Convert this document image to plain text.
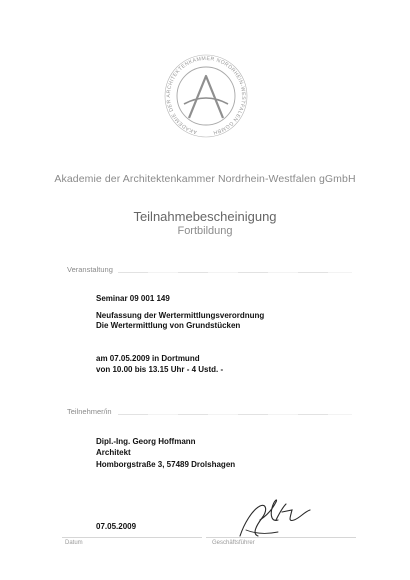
AKADEMIE DER ARCHITEKTENKAMMER NORDRHEIN-WESTFALEN GGMBH
Akademie der Architektenkammer Nordrhein-Westfalen gGmbH
Teilnahmebescheinigung
Fortbildung
Veranstaltung
Seminar 09 001 149
Neufassung der Wertermittlungsverordnung
Die Wertermittlung von Grundstücken
am 07.05.2009 in Dortmund
von 10.00 bis 13.15 Uhr - 4 Ustd. -
Teilnehmer/in
Dipl.-Ing. Georg Hoffmann
Architekt
Homborgstraße 3, 57489 Drolshagen
07.05.2009
Datum	Geschäftsführer
